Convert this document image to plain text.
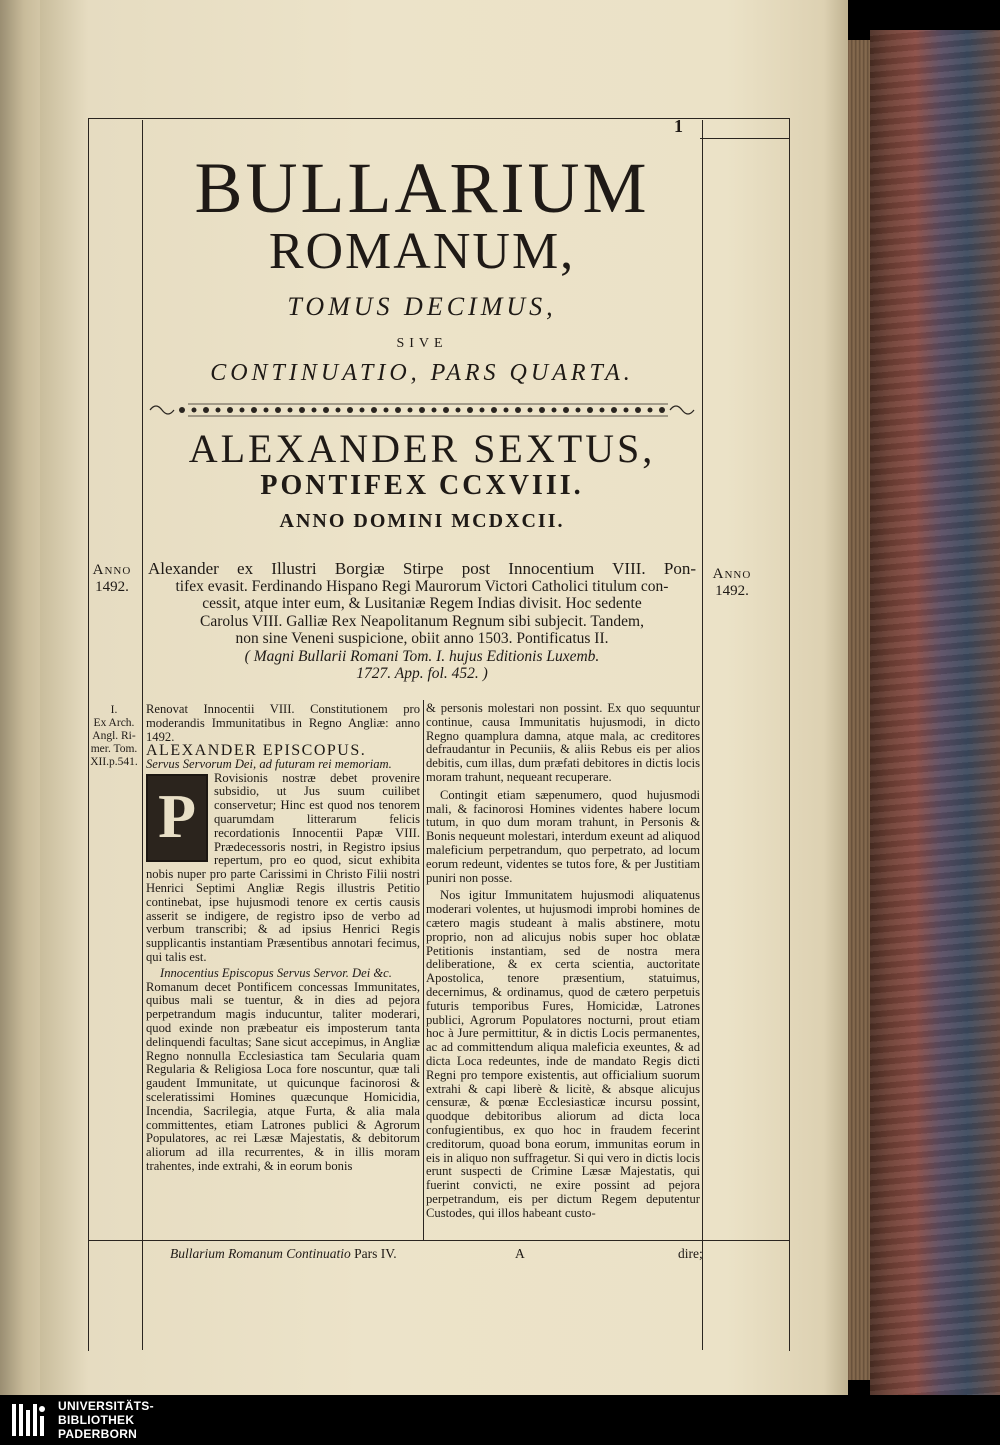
1
BULLARIUM
ROMANUM,
TOMUS DECIMUS,
SIVE
CONTINUATIO, PARS QUARTA.
ALEXANDER SEXTUS,
PONTIFEX CCXVIII.
ANNO DOMINI MCDXCII.
Anno
1492.
Anno
1492.
Alexander ex Illustri Borgiæ Stirpe post Innocentium VIII. Pon-
tifex evasit. Ferdinando Hispano Regi Maurorum Victori Catholici titulum con-
cessit, atque inter eum, & Lusitaniæ Regem Indias divisit. Hoc sedente
Carolus VIII. Galliæ Rex Neapolitanum Regnum sibi subjecit. Tandem,
non sine Veneni suspicione, obiit anno 1503. Pontificatus II.
( Magni Bullarii Romani Tom. I. hujus Editionis Luxemb.
1727. App. fol. 452. )
I.
Ex Arch.
Angl. Ri-
mer. Tom.
XII.p.541.

Renovat Innocentii VIII. Constitutionem pro moderandis Immunitatibus in Regno Angliæ: anno 1492.

ALEXANDER EPISCOPUS.

Servus Servorum Dei, ad futuram rei memoriam.

P

Rovisionis nostræ debet provenire subsidio, ut Jus suum cuilibet conservetur; Hinc est quod nos tenorem quarumdam litterarum felicis recordationis Innocentii Papæ VIII. Prædecessoris nostri, in Registro ipsius repertum, pro eo quod, sicut exhibita nobis nuper pro parte Carissimi in Christo Filii nostri Henrici Septimi Angliæ Regis illustris Petitio continebat, ipse hujusmodi tenore ex certis causis asserit se indigere, de registro ipso de verbo ad verbum transcribi; & ad ipsius Henrici Regis supplicantis instantiam Præsentibus annotari fecimus, qui talis est.

Innocentius Episcopus Servus Servor. Dei &c.

Romanum decet Pontificem concessas Immunitates, quibus mali se tuentur, & in dies ad pejora perpetrandum magis inducuntur, taliter moderari, quod exinde non præbeatur eis imposterum tanta delinquendi facultas; Sane sicut accepimus, in Angliæ Regno nonnulla Ecclesiastica tam Secularia quam Regularia & Religiosa Loca fore noscuntur, quæ tali gaudent Immunitate, ut quicunque facinorosi & sceleratissimi Homines quæcunque Homicidia, Incendia, Sacrilegia, atque Furta, & alia mala committentes, etiam Latrones publici & Agrorum Populatores, ac rei Læsæ Majestatis, & debitorum aliorum ad illa recurrentes, & in illis moram trahentes, inde extrahi, & in eorum bonis

& personis molestari non possint. Ex quo sequuntur continue, causa Immunitatis hujusmodi, in dicto Regno quamplura damna, atque mala, ac creditores defraudantur in Pecuniis, & aliis Rebus eis per alios debitis, cum illas, dum præfati debitores in dictis locis moram trahunt, nequeant recuperare.

Contingit etiam sæpenumero, quod hujusmodi mali, & facinorosi Homines videntes habere locum tutum, in quo dum moram trahunt, in Personis & Bonis nequeunt molestari, interdum exeunt ad aliquod maleficium perpetrandum, quo perpetrato, ad locum eorum redeunt, videntes se tutos fore, & per Justitiam puniri non posse.

Nos igitur Immunitatem hujusmodi aliquatenus moderari volentes, ut hujusmodi improbi homines de cætero magis studeant à malis abstinere, motu proprio, non ad alicujus nobis super hoc oblatæ Petitionis instantiam, sed de nostra mera deliberatione, & ex certa scientia, auctoritate Apostolica, tenore præsentium, statuimus, decernimus, & ordinamus, quod de cætero perpetuis futuris temporibus Fures, Homicidæ, Latrones publici, Agrorum Populatores nocturni, prout etiam hoc à Jure permittitur, & in dictis Locis permanentes, ac ad committendum aliqua maleficia exeuntes, & ad dicta Loca redeuntes, inde de mandato Regis dicti Regni pro tempore existentis, aut officialium suorum extrahi & capi liberè & licitè, & absque alicujus censuræ, & pœnæ Ecclesiasticæ incursu possint, quodque debitoribus aliorum ad dicta loca confugientibus, ex quo hoc in fraudem fecerint creditorum, quoad bona eorum, immunitas eorum in eis in aliquo non suffragetur. Si qui vero in dictis locis erunt suspecti de Crimine Læsæ Majestatis, qui fuerint convicti, ne exire possint ad pejora perpetrandum, eis per dictum Regem deputentur Custodes, qui illos habeant custo-

Bullarium Romanum Continuatio Pars IV.	A	dire;
UNIVERSITÄTS-
BIBLIOTHEK
PADERBORN
